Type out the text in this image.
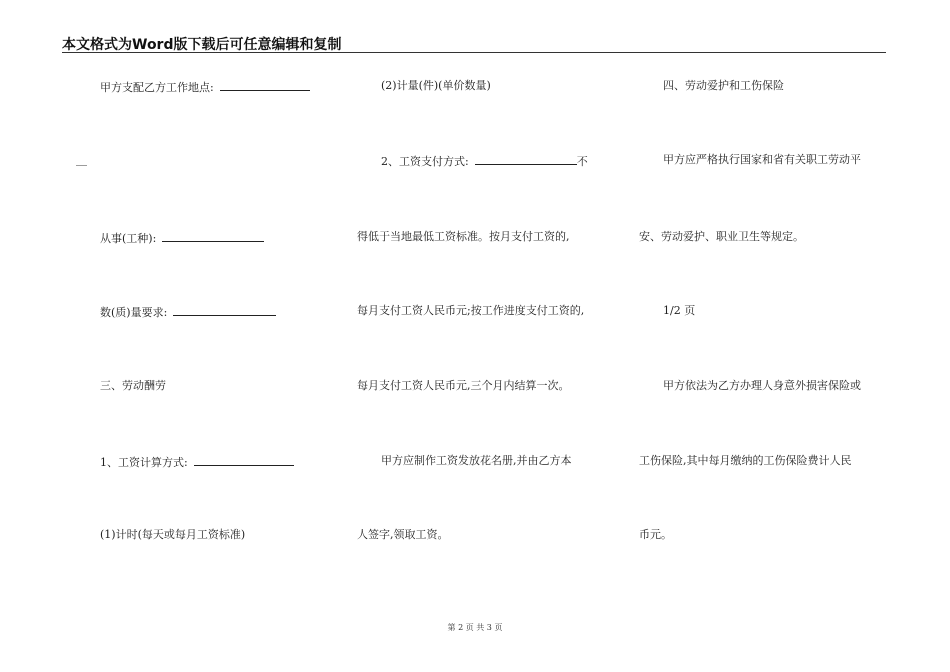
本文格式为Word版下载后可任意编辑和复制
甲方支配乙方工作地点:
__
从事(工种):
数(质)量要求:
三、劳动酬劳
1、工资计算方式:
(1)计时(每天或每月工资标准)
(2)计量(件)(单价数量)
2、工资支付方式:	不
得低于当地最低工资标准。按月支付工资的,
每月支付工资人民币元;按工作进度支付工资的,
每月支付工资人民币元,三个月内结算一次。
甲方应制作工资发放花名册,并由乙方本
人签字,领取工资。
四、劳动爱护和工伤保险
甲方应严格执行国家和省有关职工劳动平
安、劳动爱护、职业卫生等规定。
1/2 页
甲方依法为乙方办理人身意外损害保险或
工伤保险,其中每月缴纳的工伤保险费计人民
币元。
第 2 页 共 3 页
